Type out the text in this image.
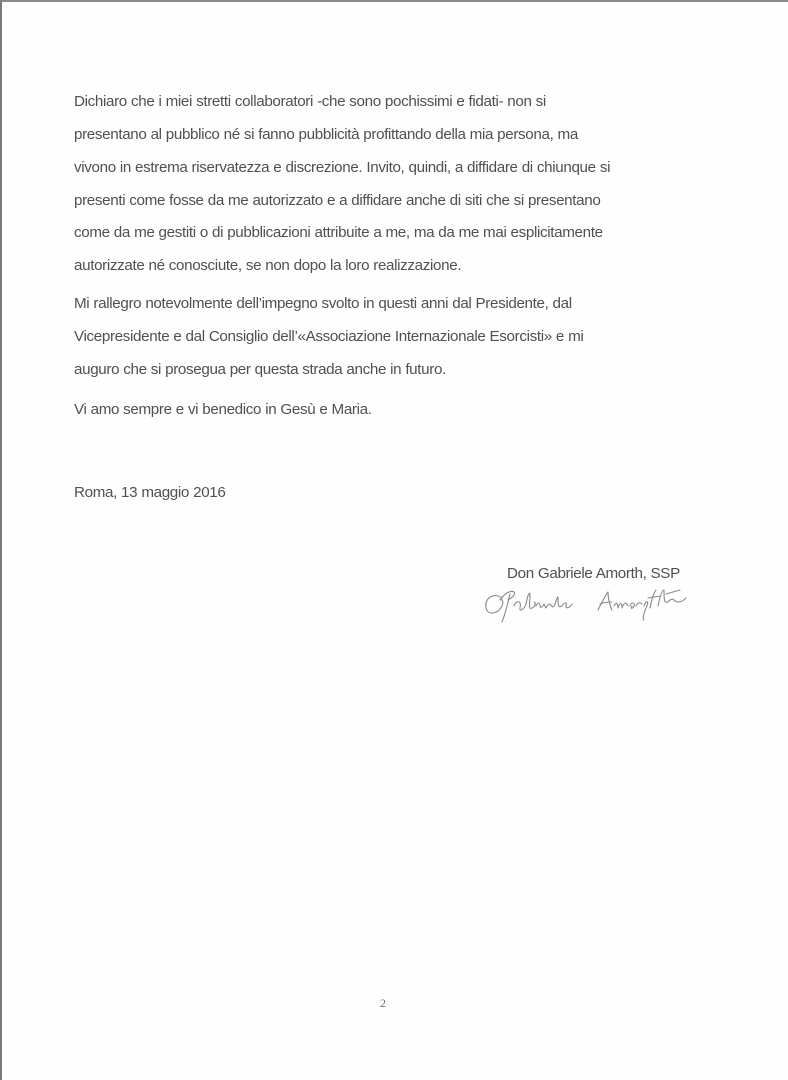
Dichiaro che i miei stretti collaboratori -che sono pochissimi e fidati- non si
presentano al pubblico né si fanno pubblicità profittando della mia persona, ma
vivono in estrema riservatezza e discrezione. Invito, quindi, a diffidare di chiunque si
presenti come fosse da me autorizzato e a diffidare anche di siti che si presentano
come da me gestiti o di pubblicazioni attribuite a me, ma da me mai esplicitamente
autorizzate né conosciute, se non dopo la loro realizzazione.
Mi rallegro notevolmente dell’impegno svolto in questi anni dal Presidente, dal
Vicepresidente e dal Consiglio dell’«Associazione Internazionale Esorcisti» e mi
auguro che si prosegua per questa strada anche in futuro.
Vi amo sempre e vi benedico in Gesù e Maria.
Roma, 13 maggio 2016
Don Gabriele Amorth, SSP
2
